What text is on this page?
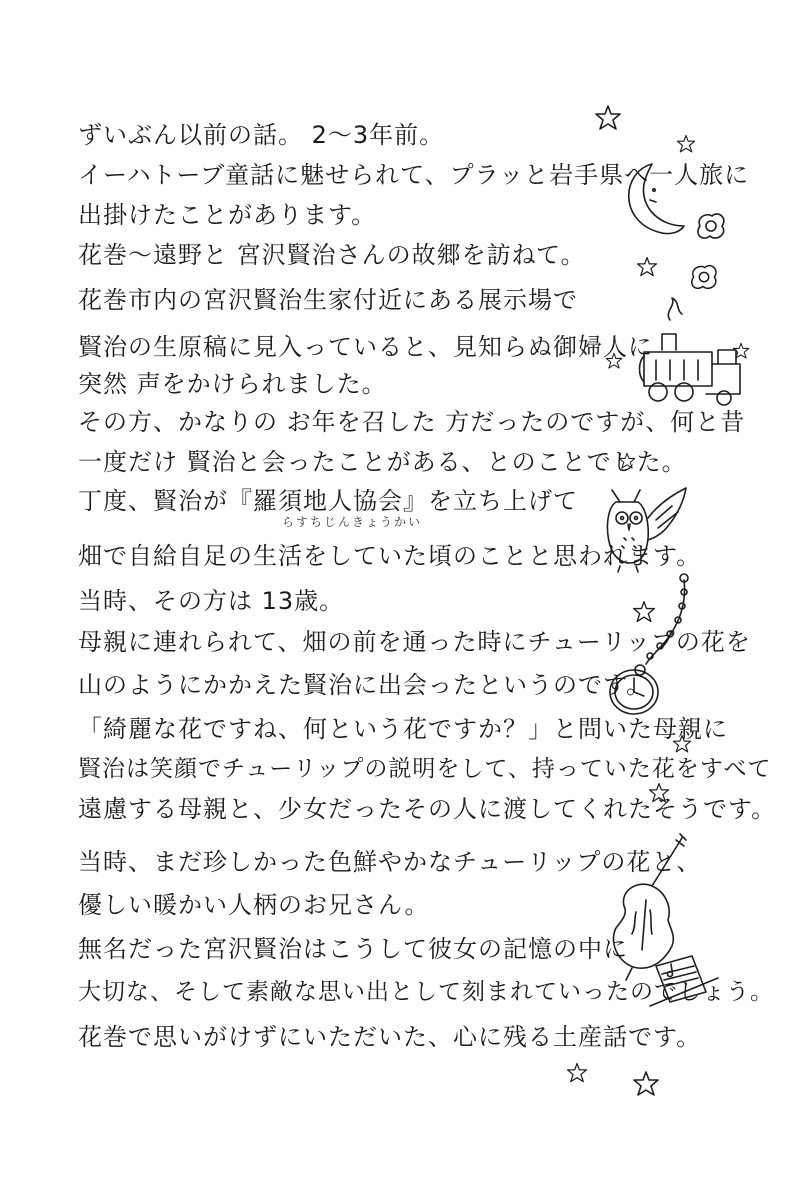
ずいぶん以前の話。 2～3年前。
イーハトーブ童話に魅せられて、プラッと岩手県へ一人旅に
出掛けたことがあります。
花巻～遠野と 宮沢賢治さんの故郷を訪ねて。
花巻市内の宮沢賢治生家付近にある展示場で
賢治の生原稿に見入っていると、見知らぬ御婦人に
突然 声をかけられました。
その方、かなりの お年を召した 方だったのですが、何と昔
一度だけ 賢治と会ったことがある、とのことでした。
丁度、賢治が『羅須地人協会』を立ち上げて
らすちじんきょうかい
畑で自給自足の生活をしていた頃のことと思われます。
当時、その方は 13歳。
母親に連れられて、畑の前を通った時にチューリップの花を
山のようにかかえた賢治に出会ったというのです。
「綺麗な花ですね、何という花ですか？」と問いた母親に
賢治は笑顔でチューリップの説明をして、持っていた花をすべて
遠慮する母親と、少女だったその人に渡してくれたそうです。
当時、まだ珍しかった色鮮やかなチューリップの花と、
優しい暖かい人柄のお兄さん。
無名だった宮沢賢治はこうして彼女の記憶の中に
大切な、そして素敵な思い出として刻まれていったのでしょう。
花巻で思いがけずにいただいた、心に残る土産話です。
